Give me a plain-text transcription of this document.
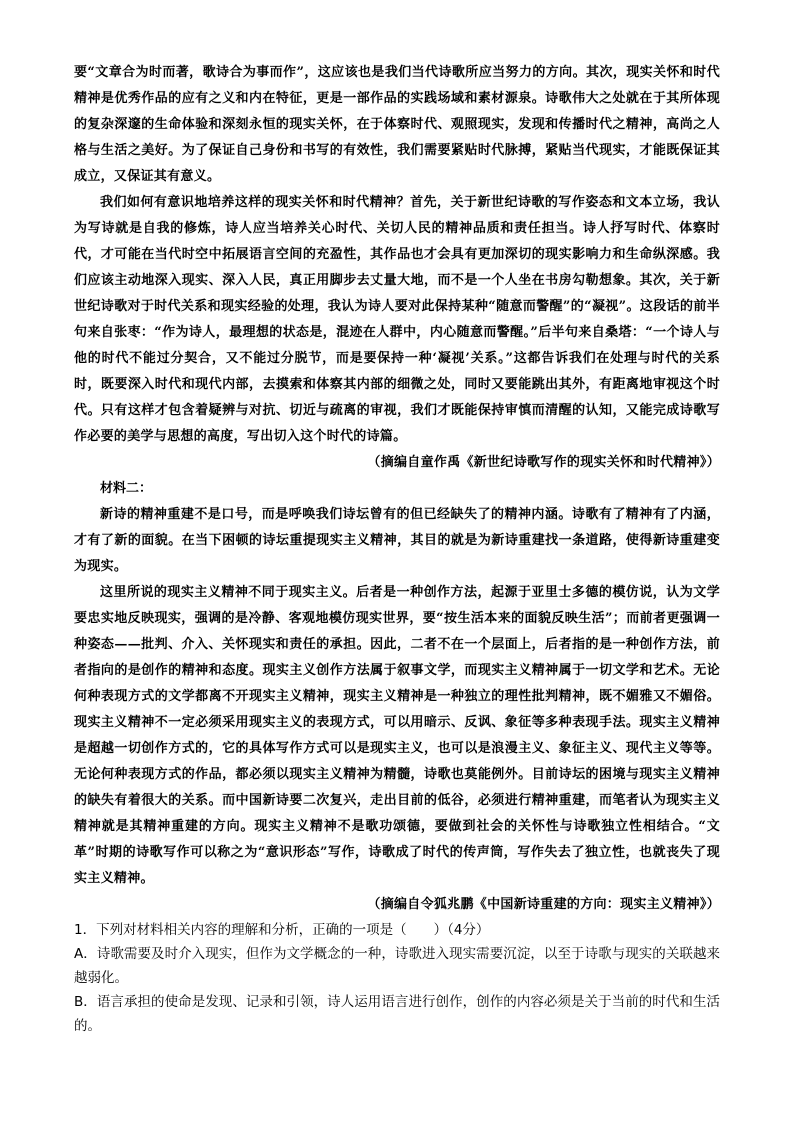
要“文章合为时而著，歌诗合为事而作”，这应该也是我们当代诗歌所应当努力的方向。其次，现实关怀和时代精神是优秀作品的应有之义和内在特征，更是一部作品的实践场域和素材源泉。诗歌伟大之处就在于其所体现的复杂深邃的生命体验和深刻永恒的现实关怀，在于体察时代、观照现实，发现和传播时代之精神，高尚之人格与生活之美好。为了保证自己身份和书写的有效性，我们需要紧贴时代脉搏，紧贴当代现实，才能既保证其成立，又保证其有意义。

我们如何有意识地培养这样的现实关怀和时代精神？首先，关于新世纪诗歌的写作姿态和文本立场，我认为写诗就是自我的修炼，诗人应当培养关心时代、关切人民的精神品质和责任担当。诗人抒写时代、体察时代，才可能在当代时空中拓展语言空间的充盈性，其作品也才会具有更加深切的现实影响力和生命纵深感。我们应该主动地深入现实、深入人民，真正用脚步去丈量大地，而不是一个人坐在书房勾勒想象。其次，关于新世纪诗歌对于时代关系和现实经验的处理，我认为诗人要对此保持某种“随意而警醒”的“凝视”。这段话的前半句来自张枣：“作为诗人，最理想的状态是，混迹在人群中，内心随意而警醒。”后半句来自桑塔：“一个诗人与他的时代不能过分契合，又不能过分脱节，而是要保持一种‘凝视’关系。”这都告诉我们在处理与时代的关系时，既要深入时代和现代内部，去摸索和体察其内部的细微之处，同时又要能跳出其外，有距离地审视这个时代。只有这样才包含着疑辨与对抗、切近与疏离的审视，我们才既能保持审慎而清醒的认知，又能完成诗歌写作必要的美学与思想的高度，写出切入这个时代的诗篇。

（摘编自童作禹《新世纪诗歌写作的现实关怀和时代精神》）

材料二：

新诗的精神重建不是口号，而是呼唤我们诗坛曾有的但已经缺失了的精神内涵。诗歌有了精神有了内涵，才有了新的面貌。在当下困顿的诗坛重提现实主义精神，其目的就是为新诗重建找一条道路，使得新诗重建变为现实。

这里所说的现实主义精神不同于现实主义。后者是一种创作方法，起源于亚里士多德的模仿说，认为文学要忠实地反映现实，强调的是冷静、客观地模仿现实世界，要“按生活本来的面貌反映生活”；而前者更强调一种姿态——批判、介入、关怀现实和责任的承担。因此，二者不在一个层面上，后者指的是一种创作方法，前者指向的是创作的精神和态度。现实主义创作方法属于叙事文学，而现实主义精神属于一切文学和艺术。无论何种表现方式的文学都离不开现实主义精神，现实主义精神是一种独立的理性批判精神，既不媚雅又不媚俗。现实主义精神不一定必须采用现实主义的表现方式，可以用暗示、反讽、象征等多种表现手法。现实主义精神是超越一切创作方式的，它的具体写作方式可以是现实主义，也可以是浪漫主义、象征主义、现代主义等等。无论何种表现方式的作品，都必须以现实主义精神为精髓，诗歌也莫能例外。目前诗坛的困境与现实主义精神的缺失有着很大的关系。而中国新诗要二次复兴，走出目前的低谷，必须进行精神重建，而笔者认为现实主义精神就是其精神重建的方向。现实主义精神不是歌功颂德，要做到社会的关怀性与诗歌独立性相结合。“文革”时期的诗歌写作可以称之为“意识形态”写作，诗歌成了时代的传声筒，写作失去了独立性，也就丧失了现实主义精神。

（摘编自令狐兆鹏《中国新诗重建的方向：现实主义精神》）

1．下列对材料相关内容的理解和分析，正确的一项是（　　）（4分）

A．诗歌需要及时介入现实，但作为文学概念的一种，诗歌进入现实需要沉淀，以至于诗歌与现实的关联越来越弱化。

B．语言承担的使命是发现、记录和引领，诗人运用语言进行创作，创作的内容必须是关于当前的时代和生活的。
